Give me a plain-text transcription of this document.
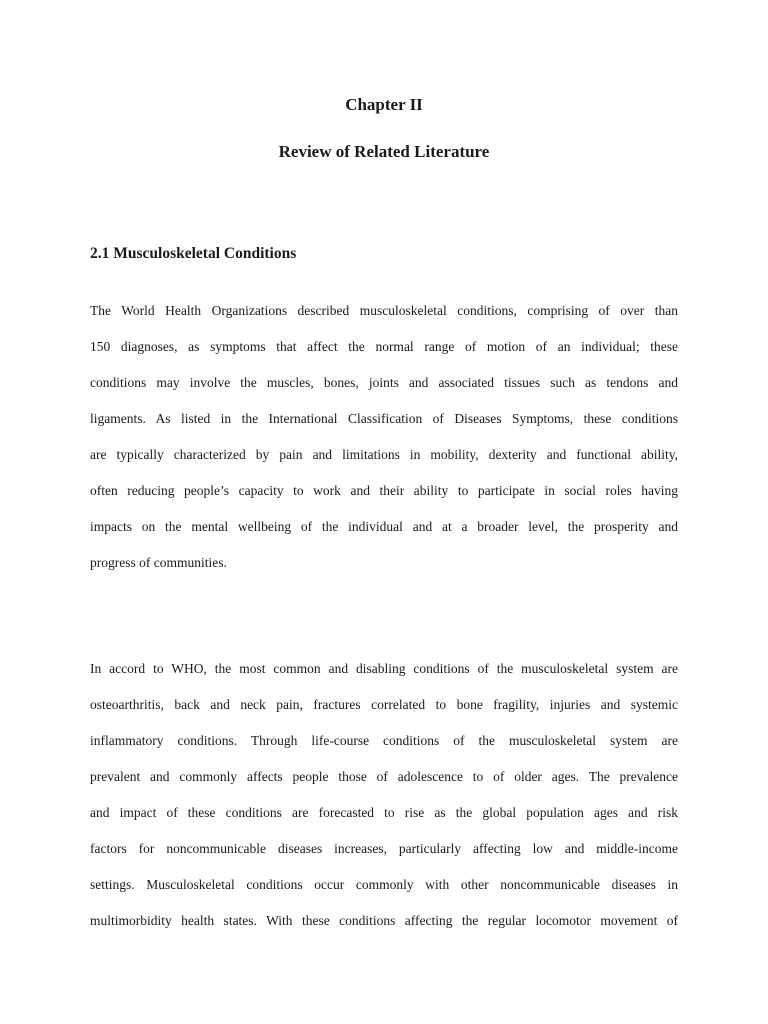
Chapter II
Review of Related Literature
2.1 Musculoskeletal Conditions
The World Health Organizations described musculoskeletal conditions, comprising of over than
150 diagnoses, as symptoms that affect the normal range of motion of an individual; these
conditions may involve the muscles, bones, joints and associated tissues such as tendons and
ligaments. As listed in the International Classification of Diseases Symptoms, these conditions
are typically characterized by pain and limitations in mobility, dexterity and functional ability,
often reducing people’s capacity to work and their ability to participate in social roles having
impacts on the mental wellbeing of the individual and at a broader level, the prosperity and
progress of communities.
In accord to WHO, the most common and disabling conditions of the musculoskeletal system are
osteoarthritis, back and neck pain, fractures correlated to bone fragility, injuries and systemic
inflammatory conditions. Through life-course conditions of the musculoskeletal system are
prevalent and commonly affects people those of adolescence to of older ages. The prevalence
and impact of these conditions are forecasted to rise as the global population ages and risk
factors for noncommunicable diseases increases, particularly affecting low and middle-income
settings. Musculoskeletal conditions occur commonly with other noncommunicable diseases in
multimorbidity health states. With these conditions affecting the regular locomotor movement of
